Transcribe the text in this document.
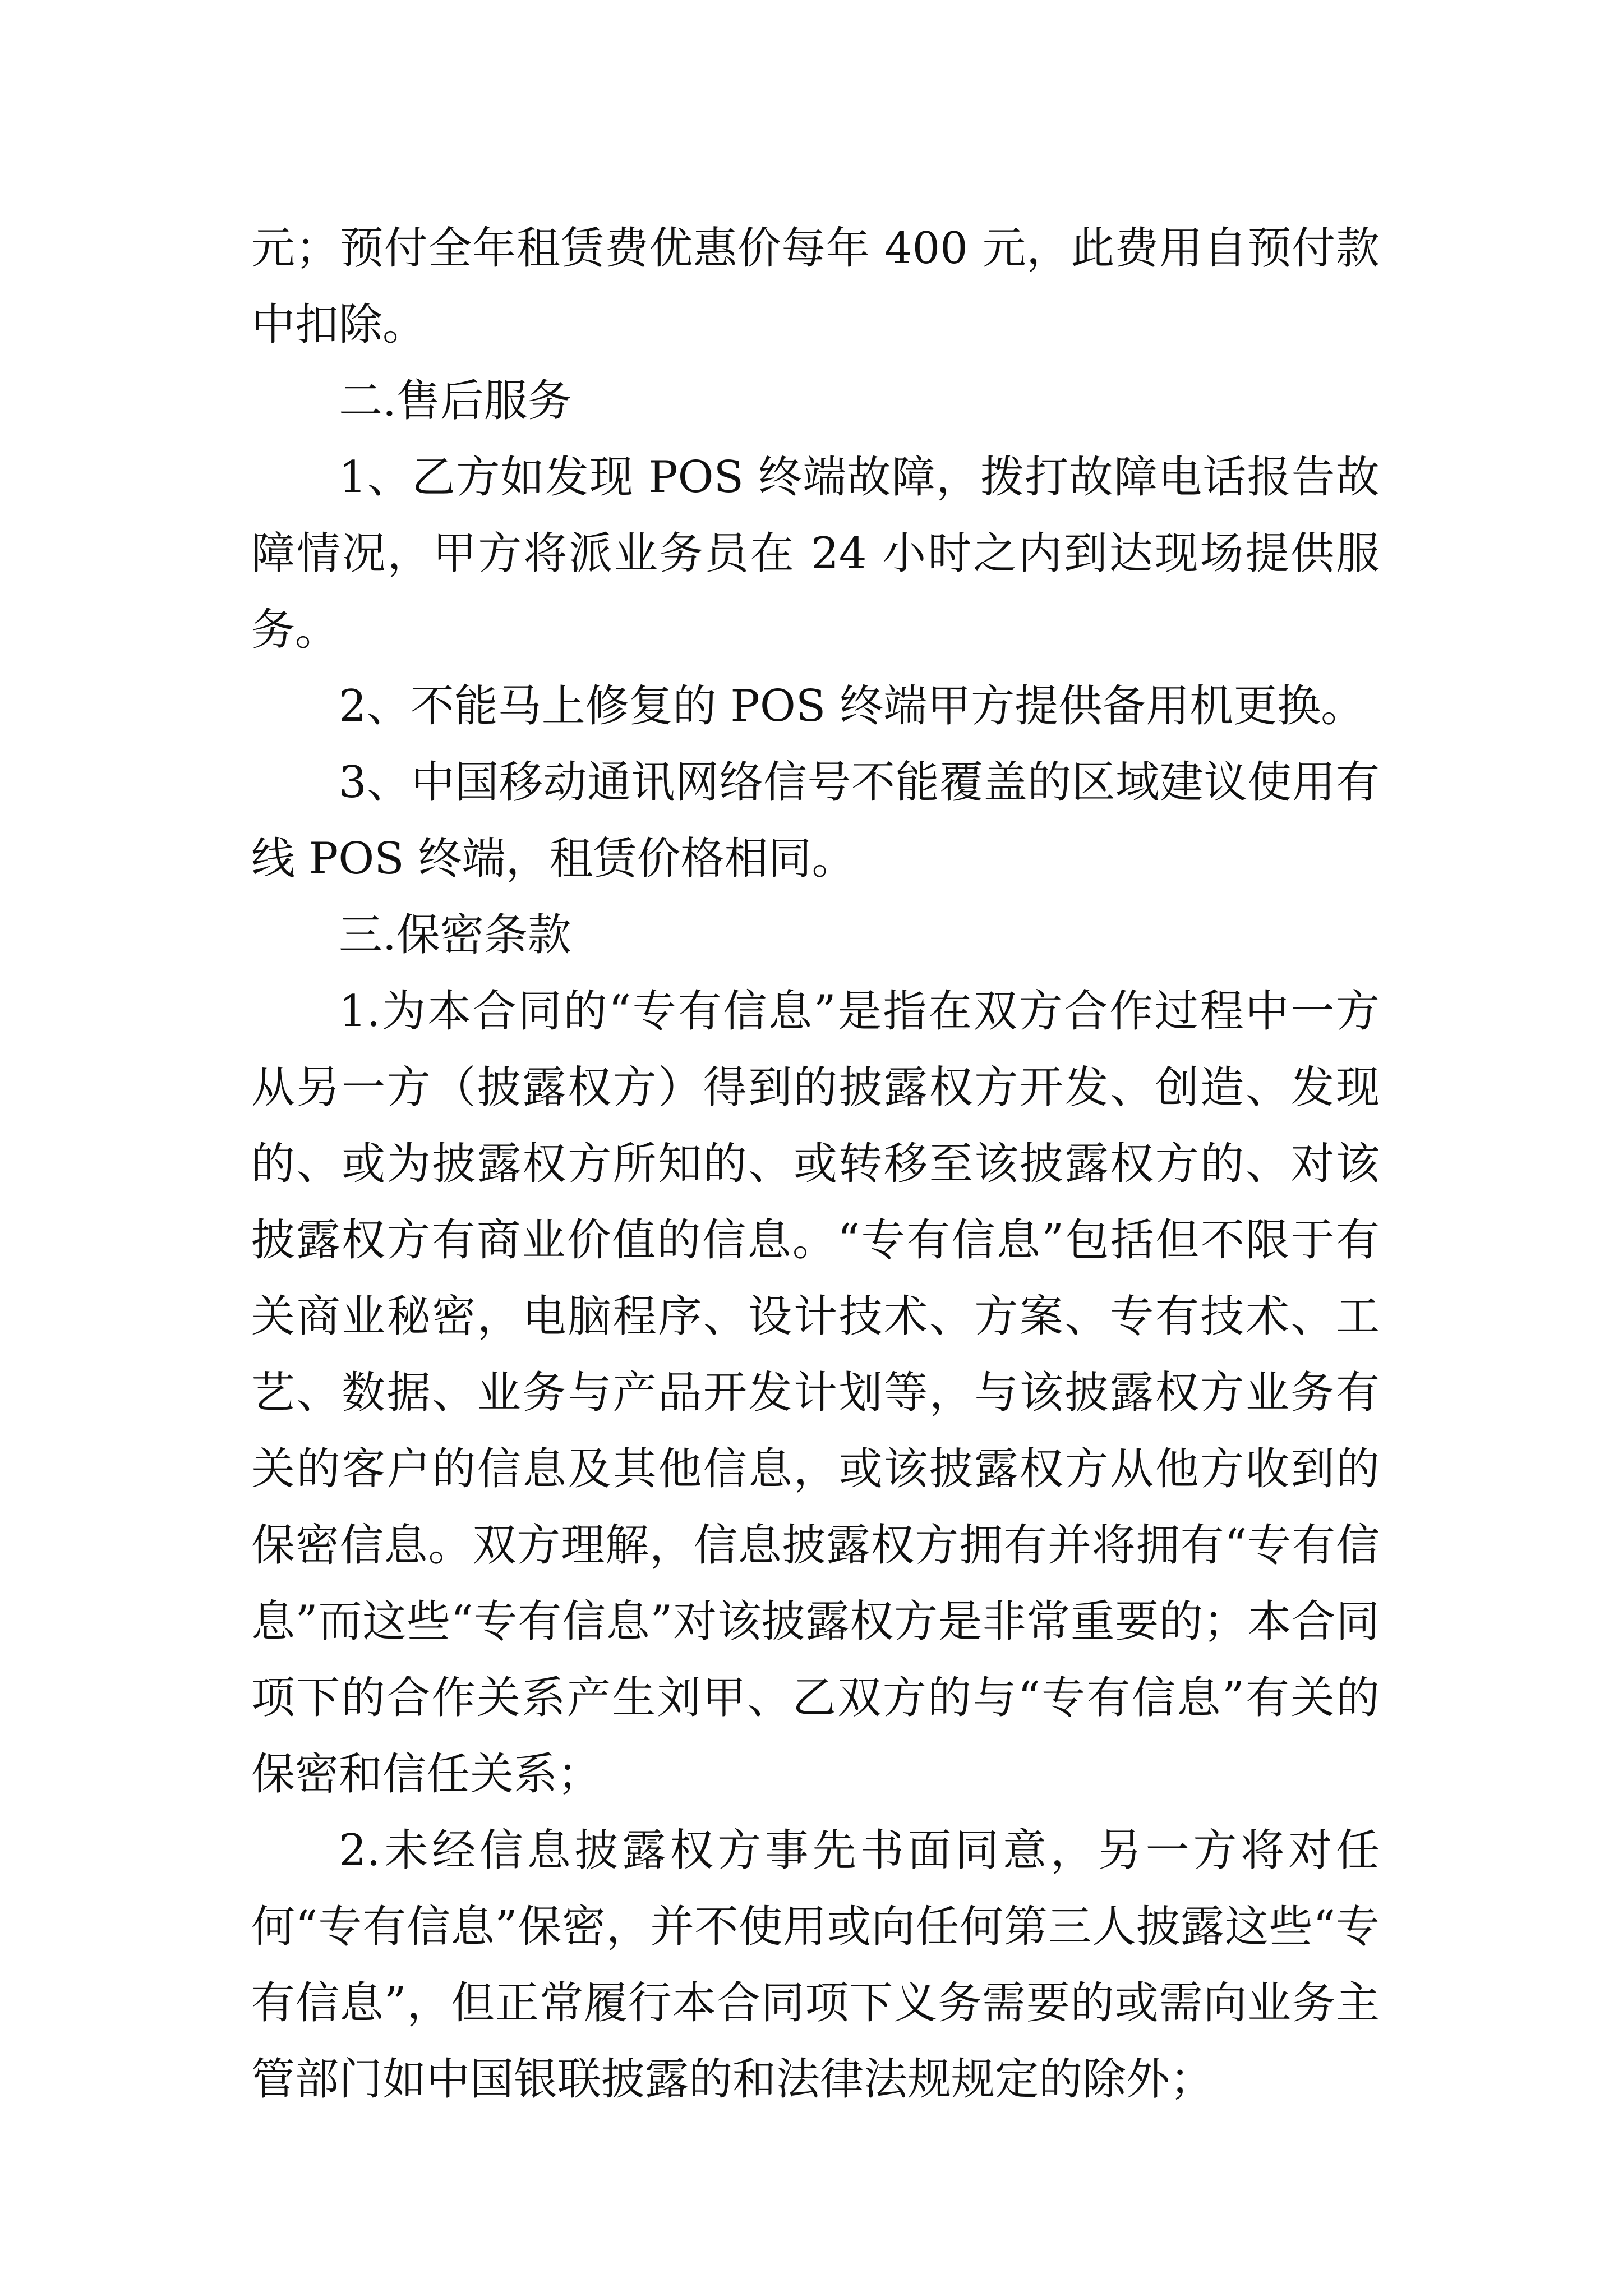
元；预付全年租赁费优惠价每年 400 元，此费用自预付款中扣除。

二.售后服务

1、乙方如发现 POS 终端故障，拨打故障电话报告故障情况，甲方将派业务员在 24 小时之内到达现场提供服务。

2、不能马上修复的 POS 终端甲方提供备用机更换。

3、中国移动通讯网络信号不能覆盖的区域建议使用有线 POS 终端，租赁价格相同。

三.保密条款

1.为本合同的“专有信息”是指在双方合作过程中一方从另一方（披露权方）得到的披露权方开发、创造、发现的、或为披露权方所知的、或转移至该披露权方的、对该披露权方有商业价值的信息。“专有信息”包括但不限于有关商业秘密，电脑程序、设计技术、方案、专有技术、工艺、数据、业务与产品开发计划等，与该披露权方业务有关的客户的信息及其他信息，或该披露权方从他方收到的保密信息。双方理解，信息披露权方拥有并将拥有“专有信息”而这些“专有信息”对该披露权方是非常重要的；本合同项下的合作关系产生刘甲、乙双方的与“专有信息”有关的保密和信任关系；

2.未经信息披露权方事先书面同意，另一方将对任何“专有信息”保密，并不使用或向任何第三人披露这些“专有信息”，但正常履行本合同项下义务需要的或需向业务主管部门如中国银联披露的和法律法规规定的除外；
